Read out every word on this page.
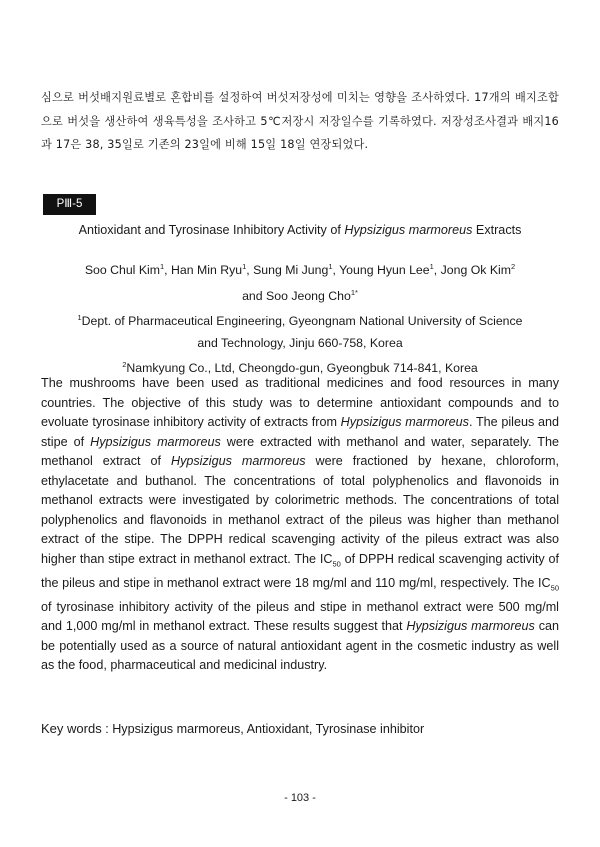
심으로 버섯배지원료별로 혼합비를 설정하여 버섯저장성에 미치는 영향을 조사하였다. 17개의 배지조합으로 버섯을 생산하여 생육특성을 조사하고 5℃저장시 저장일수를 기록하였다. 저장성조사결과 배지16과 17은 38, 35일로 기존의 23일에 비해 15일 18일 연장되었다.

PⅢ-5
Antioxidant and Tyrosinase Inhibitory Activity of Hypsizigus marmoreus Extracts

Soo Chul Kim$^1$, Han Min Ryu$^1$, Sung Mi Jung$^1$, Young Hyun Lee$^1$, Jong Ok Kim$^2$

and Soo Jeong Cho$^{1*}$

$^1$Dept. of Pharmaceutical Engineering, Gyeongnam National University of Science

and Technology, Jinju 660-758, Korea

$^2$Namkyung Co., Ltd, Cheongdo-gun, Gyeongbuk 714-841, Korea

The mushrooms have been used as traditional medicines and food resources in many countries. The objective of this study was to determine antioxidant compounds and to evoluate tyrosinase inhibitory activity of extracts from Hypsizigus marmoreus. The pileus and stipe of Hypsizigus marmoreus were extracted with methanol and water, separately. The methanol extract of Hypsizigus marmoreus were fractioned by hexane, chloroform, ethylacetate and buthanol. The concentrations of total polyphenolics and flavonoids in methanol extracts were investigated by colorimetric methods. The concentrations of total polyphenolics and flavonoids in methanol extract of the pileus was higher than methanol extract of the stipe. The DPPH redical scavenging activity of the pileus extract was also higher than stipe extract in methanol extract. The $IC_{50}$ of DPPH redical scavenging activity of the pileus and stipe in methanol extract were 18 mg/ml and 110 mg/ml, respectively. The $IC_{50}$ of tyrosinase inhibitory activity of the pileus and stipe in methanol extract were 500 mg/ml and 1,000 mg/ml in methanol extract. These results suggest that Hypsizigus marmoreus can be potentially used as a source of natural antioxidant agent in the cosmetic industry as well as the food, pharmaceutical and medicinal industry.

Key words : Hypsizigus marmoreus, Antioxidant, Tyrosinase inhibitor

- 103 -
